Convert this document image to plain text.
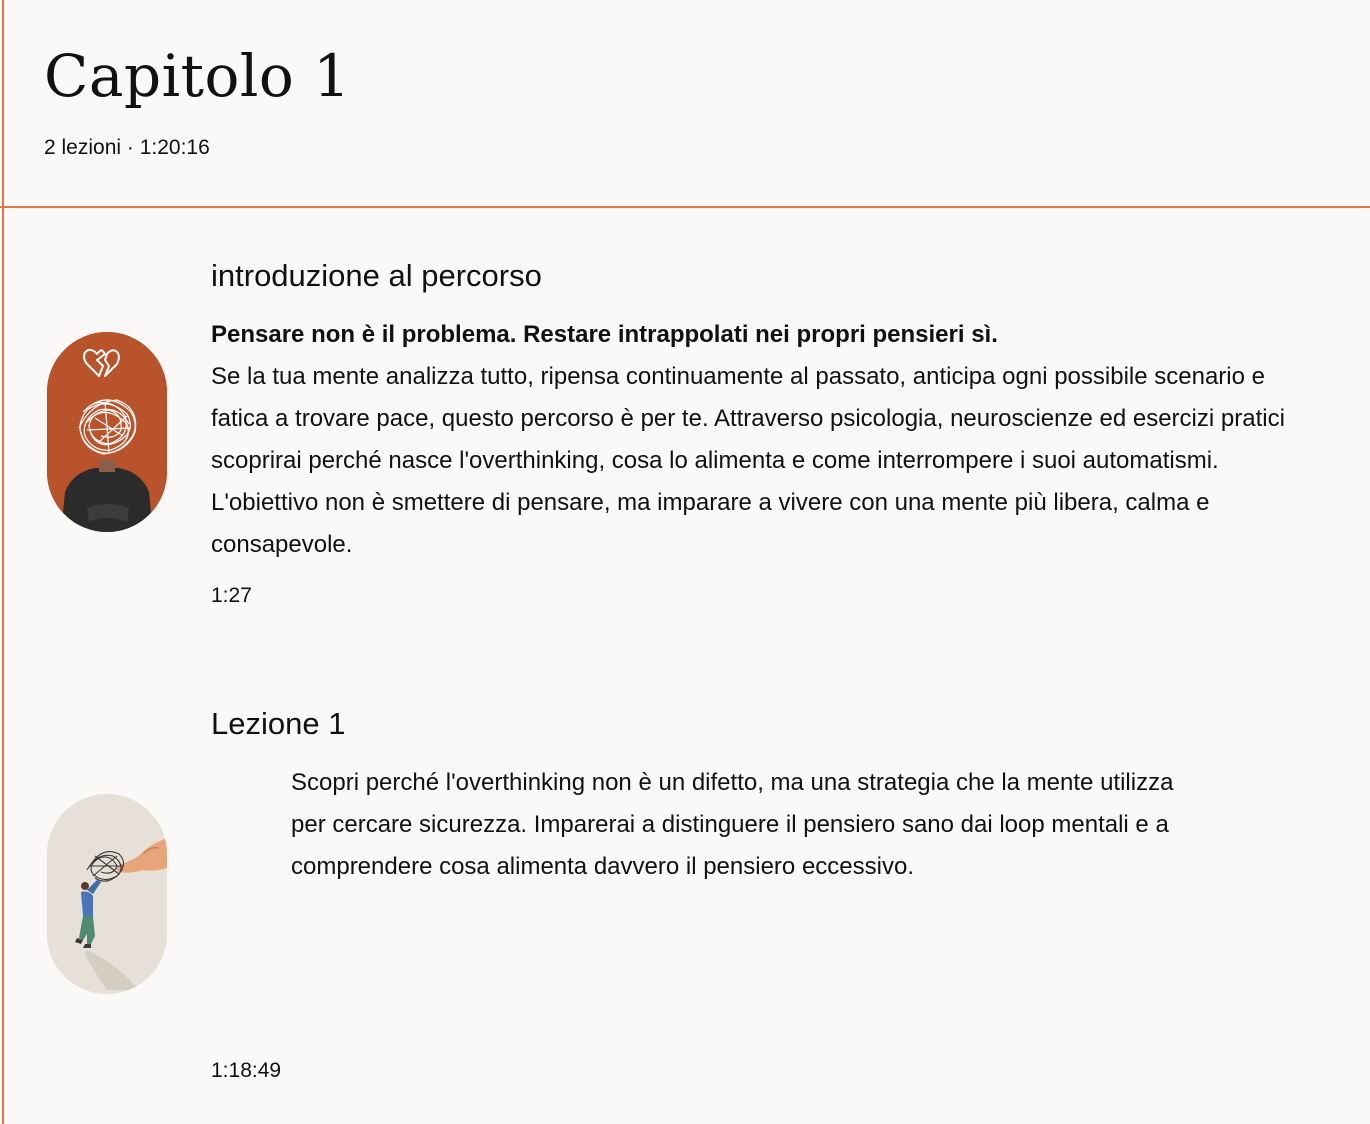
Capitolo 1
2 lezioni · 1:20:16
introduzione al percorso
Pensare non è il problema. Restare intrappolati nei propri pensieri sì.
Se la tua mente analizza tutto, ripensa continuamente al passato, anticipa ogni possibile scenario e fatica a trovare pace, questo percorso è per te. Attraverso psicologia, neuroscienze ed esercizi pratici scoprirai perché nasce l'overthinking, cosa lo alimenta e come interrompere i suoi automatismi. L'obiettivo non è smettere di pensare, ma imparare a vivere con una mente più libera, calma e consapevole.
1:27
Lezione 1

Scopri perché l'overthinking non è un difetto, ma una strategia che la mente utilizza per cercare sicurezza. Imparerai a distinguere il pensiero sano dai loop mentali e a comprendere cosa alimenta davvero il pensiero eccessivo.

1:18:49
